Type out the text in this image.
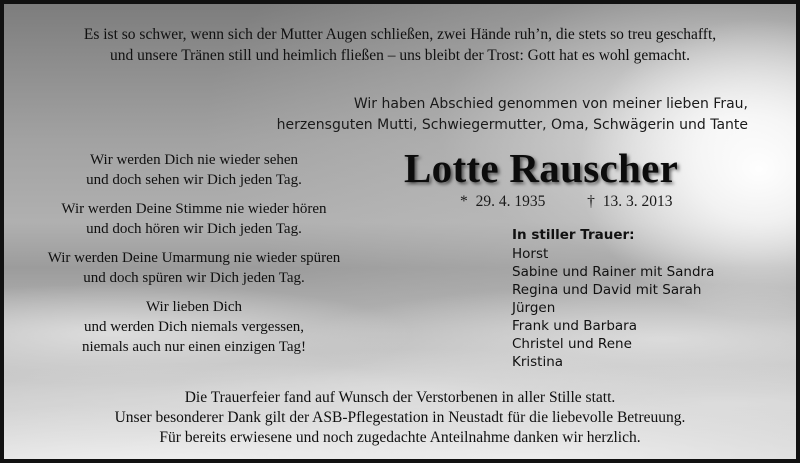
Es ist so schwer, wenn sich der Mutter Augen schließen, zwei Hände ruh’n, die stets so treu geschafft,
und unsere Tränen still und heimlich fließen – uns bleibt der Trost: Gott hat es wohl gemacht.
Wir haben Abschied genommen von meiner lieben Frau,
herzensguten Mutti, Schwiegermutter, Oma, Schwägerin und Tante
Lotte Rauscher
* 29. 4. 1935	† 13. 3. 2013
In stiller Trauer:
Horst
Sabine und Rainer mit Sandra
Regina und David mit Sarah
Jürgen
Frank und Barbara
Christel und Rene
Kristina
Wir werden Dich nie wieder sehen
und doch sehen wir Dich jeden Tag.
Wir werden Deine Stimme nie wieder hören
und doch hören wir Dich jeden Tag.
Wir werden Deine Umarmung nie wieder spüren
und doch spüren wir Dich jeden Tag.
Wir lieben Dich
und werden Dich niemals vergessen,
niemals auch nur einen einzigen Tag!
Die Trauerfeier fand auf Wunsch der Verstorbenen in aller Stille statt.
Unser besonderer Dank gilt der ASB-Pflegestation in Neustadt für die liebevolle Betreuung.
Für bereits erwiesene und noch zugedachte Anteilnahme danken wir herzlich.
